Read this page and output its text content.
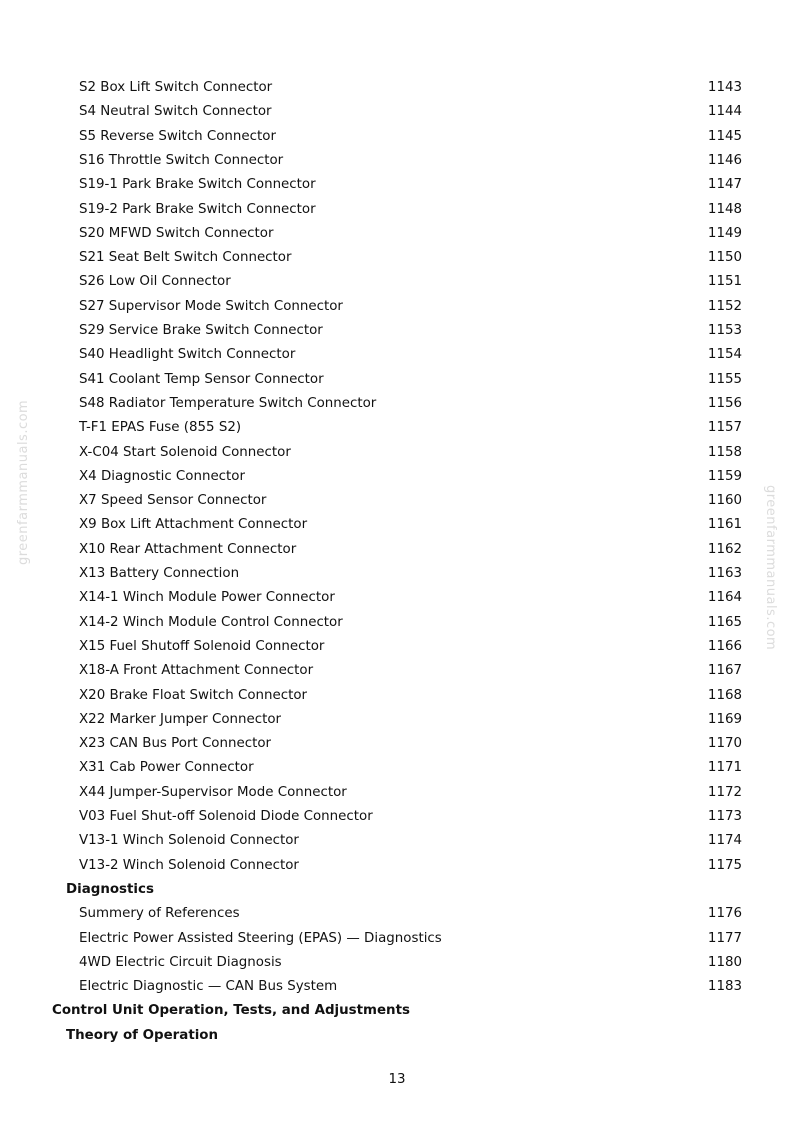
S2 Box Lift Switch Connector	1143
S4 Neutral Switch Connector	1144
S5 Reverse Switch Connector	1145
S16 Throttle Switch Connector	1146
S19-1 Park Brake Switch Connector	1147
S19-2 Park Brake Switch Connector	1148
S20 MFWD Switch Connector	1149
S21 Seat Belt Switch Connector	1150
S26 Low Oil Connector	1151
S27 Supervisor Mode Switch Connector	1152
S29 Service Brake Switch Connector	1153
S40 Headlight Switch Connector	1154
S41 Coolant Temp Sensor Connector	1155
S48 Radiator Temperature Switch Connector	1156
T-F1 EPAS Fuse (855 S2)	1157
X-C04 Start Solenoid Connector	1158
X4 Diagnostic Connector	1159
X7 Speed Sensor Connector	1160
X9 Box Lift Attachment Connector	1161
X10 Rear Attachment Connector	1162
X13 Battery Connection	1163
X14-1 Winch Module Power Connector	1164
X14-2 Winch Module Control Connector	1165
X15 Fuel Shutoff Solenoid Connector	1166
X18-A Front Attachment Connector	1167
X20 Brake Float Switch Connector	1168
X22 Marker Jumper Connector	1169
X23 CAN Bus Port Connector	1170
X31 Cab Power Connector	1171
X44 Jumper-Supervisor Mode Connector	1172
V03 Fuel Shut-off Solenoid Diode Connector	1173
V13-1 Winch Solenoid Connector	1174
V13-2 Winch Solenoid Connector	1175
Diagnostics
Summery of References	1176
Electric Power Assisted Steering (EPAS) — Diagnostics	1177
4WD Electric Circuit Diagnosis	1180
Electric Diagnostic — CAN Bus System	1183
Control Unit Operation, Tests, and Adjustments
Theory of Operation
greenfarmmanuals.com
greenfarmmanuals.com
13
